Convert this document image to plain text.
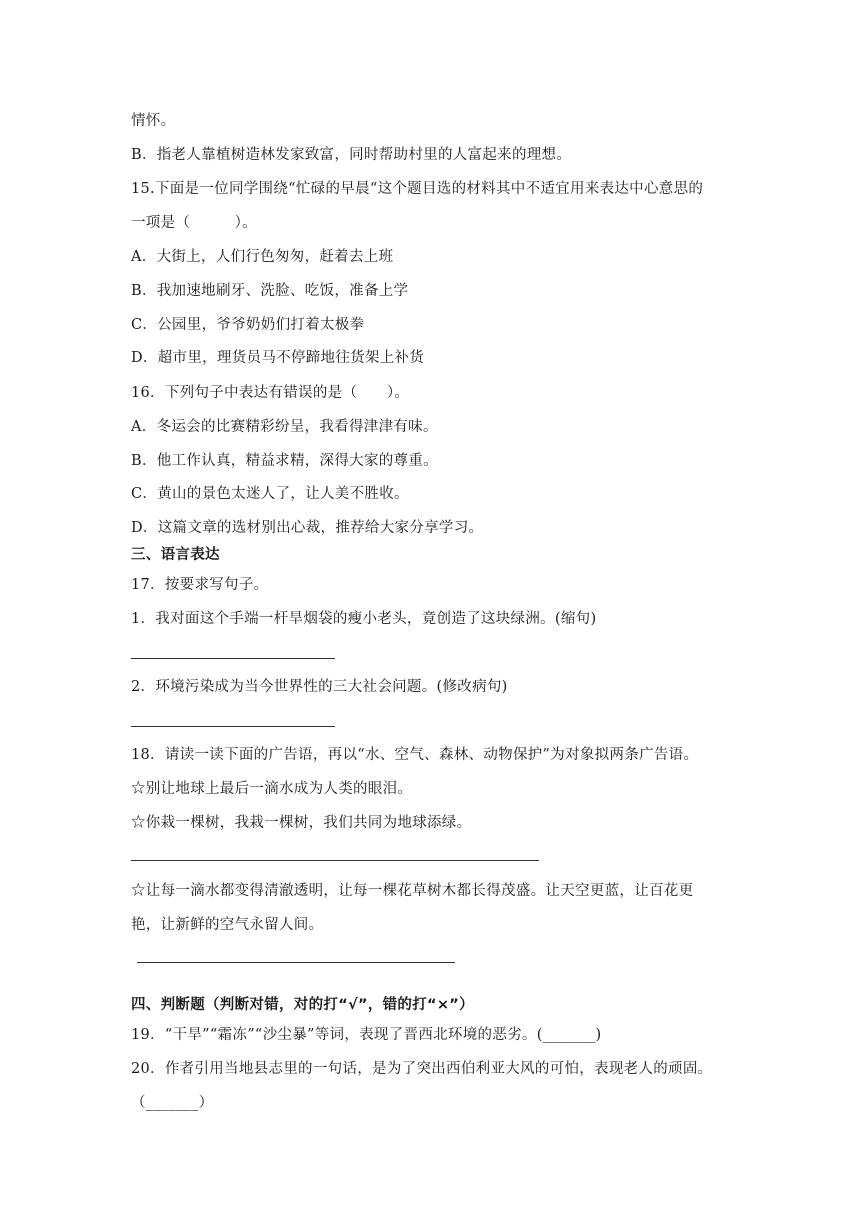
情怀。
B．指老人靠植树造林发家致富，同时帮助村里的人富起来的理想。
15.下面是一位同学围绕“忙碌的早晨“这个题目选的材料其中不适宜用来表达中心意思的
一项是（　　　）。
A．大街上，人们行色匆匆，赶着去上班
B．我加速地刷牙、洗脸、吃饭，准备上学
C．公园里，爷爷奶奶们打着太极拳
D．超市里，理货员马不停蹄地往货架上补货
16．下列句子中表达有错误的是（　　）。
A．冬运会的比赛精彩纷呈，我看得津津有味。
B．他工作认真，精益求精，深得大家的尊重。
C．黄山的景色太迷人了，让人美不胜收。
D．这篇文章的选材别出心裁，推荐给大家分享学习。
三、语言表达
17．按要求写句子。
1．我对面这个手端一杆旱烟袋的瘦小老头，竟创造了这块绿洲。(缩句)
2．环境污染成为当今世界性的三大社会问题。(修改病句)
18．请读一读下面的广告语，再以“水、空气、森林、动物保护”为对象拟两条广告语。
☆别让地球上最后一滴水成为人类的眼泪。
☆你栽一棵树，我栽一棵树，我们共同为地球添绿。
☆让每一滴水都变得清澈透明，让每一棵花草树木都长得茂盛。让天空更蓝，让百花更
艳，让新鲜的空气永留人间。
四、判断题（判断对错，对的打“√”，错的打“×”）
19．“干旱”“霜冻”“沙尘暴”等词，表现了晋西北环境的恶劣。(_______)
20．作者引用当地县志里的一句话，是为了突出西伯利亚大风的可怕，表现老人的顽固。
（_______）
